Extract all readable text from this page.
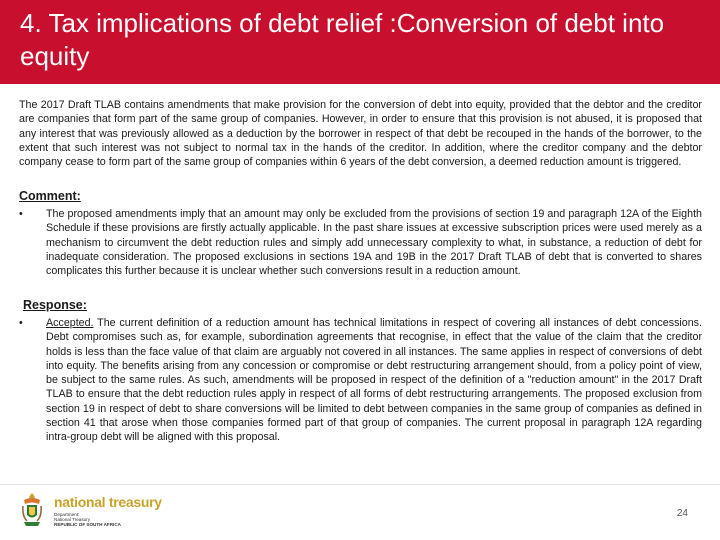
4. Tax implications of debt relief :Conversion of debt into equity

The 2017 Draft TLAB contains amendments that make provision for the conversion of debt into equity, provided that the debtor and the creditor are companies that form part of the same group of companies. However, in order to ensure that this provision is not abused, it is proposed that any interest that was previously allowed as a deduction by the borrower in respect of that debt be recouped in the hands of the borrower, to the extent that such interest was not subject to normal tax in the hands of the creditor. In addition, where the creditor company and the debtor company cease to form part of the same group of companies within 6 years of the debt conversion, a deemed reduction amount is triggered.

Comment:

•	The proposed amendments imply that an amount may only be excluded from the provisions of section 19 and paragraph 12A of the Eighth Schedule if these provisions are firstly actually applicable. In the past share issues at excessive subscription prices were used merely as a mechanism to circumvent the debt reduction rules and simply add unnecessary complexity to what, in substance, a reduction of debt for inadequate consideration. The proposed exclusions in sections 19A and 19B in the 2017 Draft TLAB of debt that is converted to shares complicates this further because it is unclear whether such conversions result in a reduction amount.

Response:

•	Accepted. The current definition of a reduction amount has technical limitations in respect of covering all instances of debt concessions. Debt compromises such as, for example, subordination agreements that recognise, in effect that the value of the claim that the creditor holds is less than the face value of that claim are arguably not covered in all instances. The same applies in respect of conversions of debt into equity. The benefits arising from any concession or compromise or debt restructuring arrangement should, from a policy point of view, be subject to the same rules. As such, amendments will be proposed in respect of the definition of a "reduction amount" in the 2017 Draft TLAB to ensure that the debt reduction rules apply in respect of all forms of debt restructuring arrangements. The proposed exclusion from section 19 in respect of debt to share conversions will be limited to debt between companies in the same group of companies as defined in section 41 that arose when those companies formed part of that group of companies. The current proposal in paragraph 12A regarding intra-group debt will be aligned with this proposal.

national treasury
Department:
National Treasury
REPUBLIC OF SOUTH AFRICA
24
